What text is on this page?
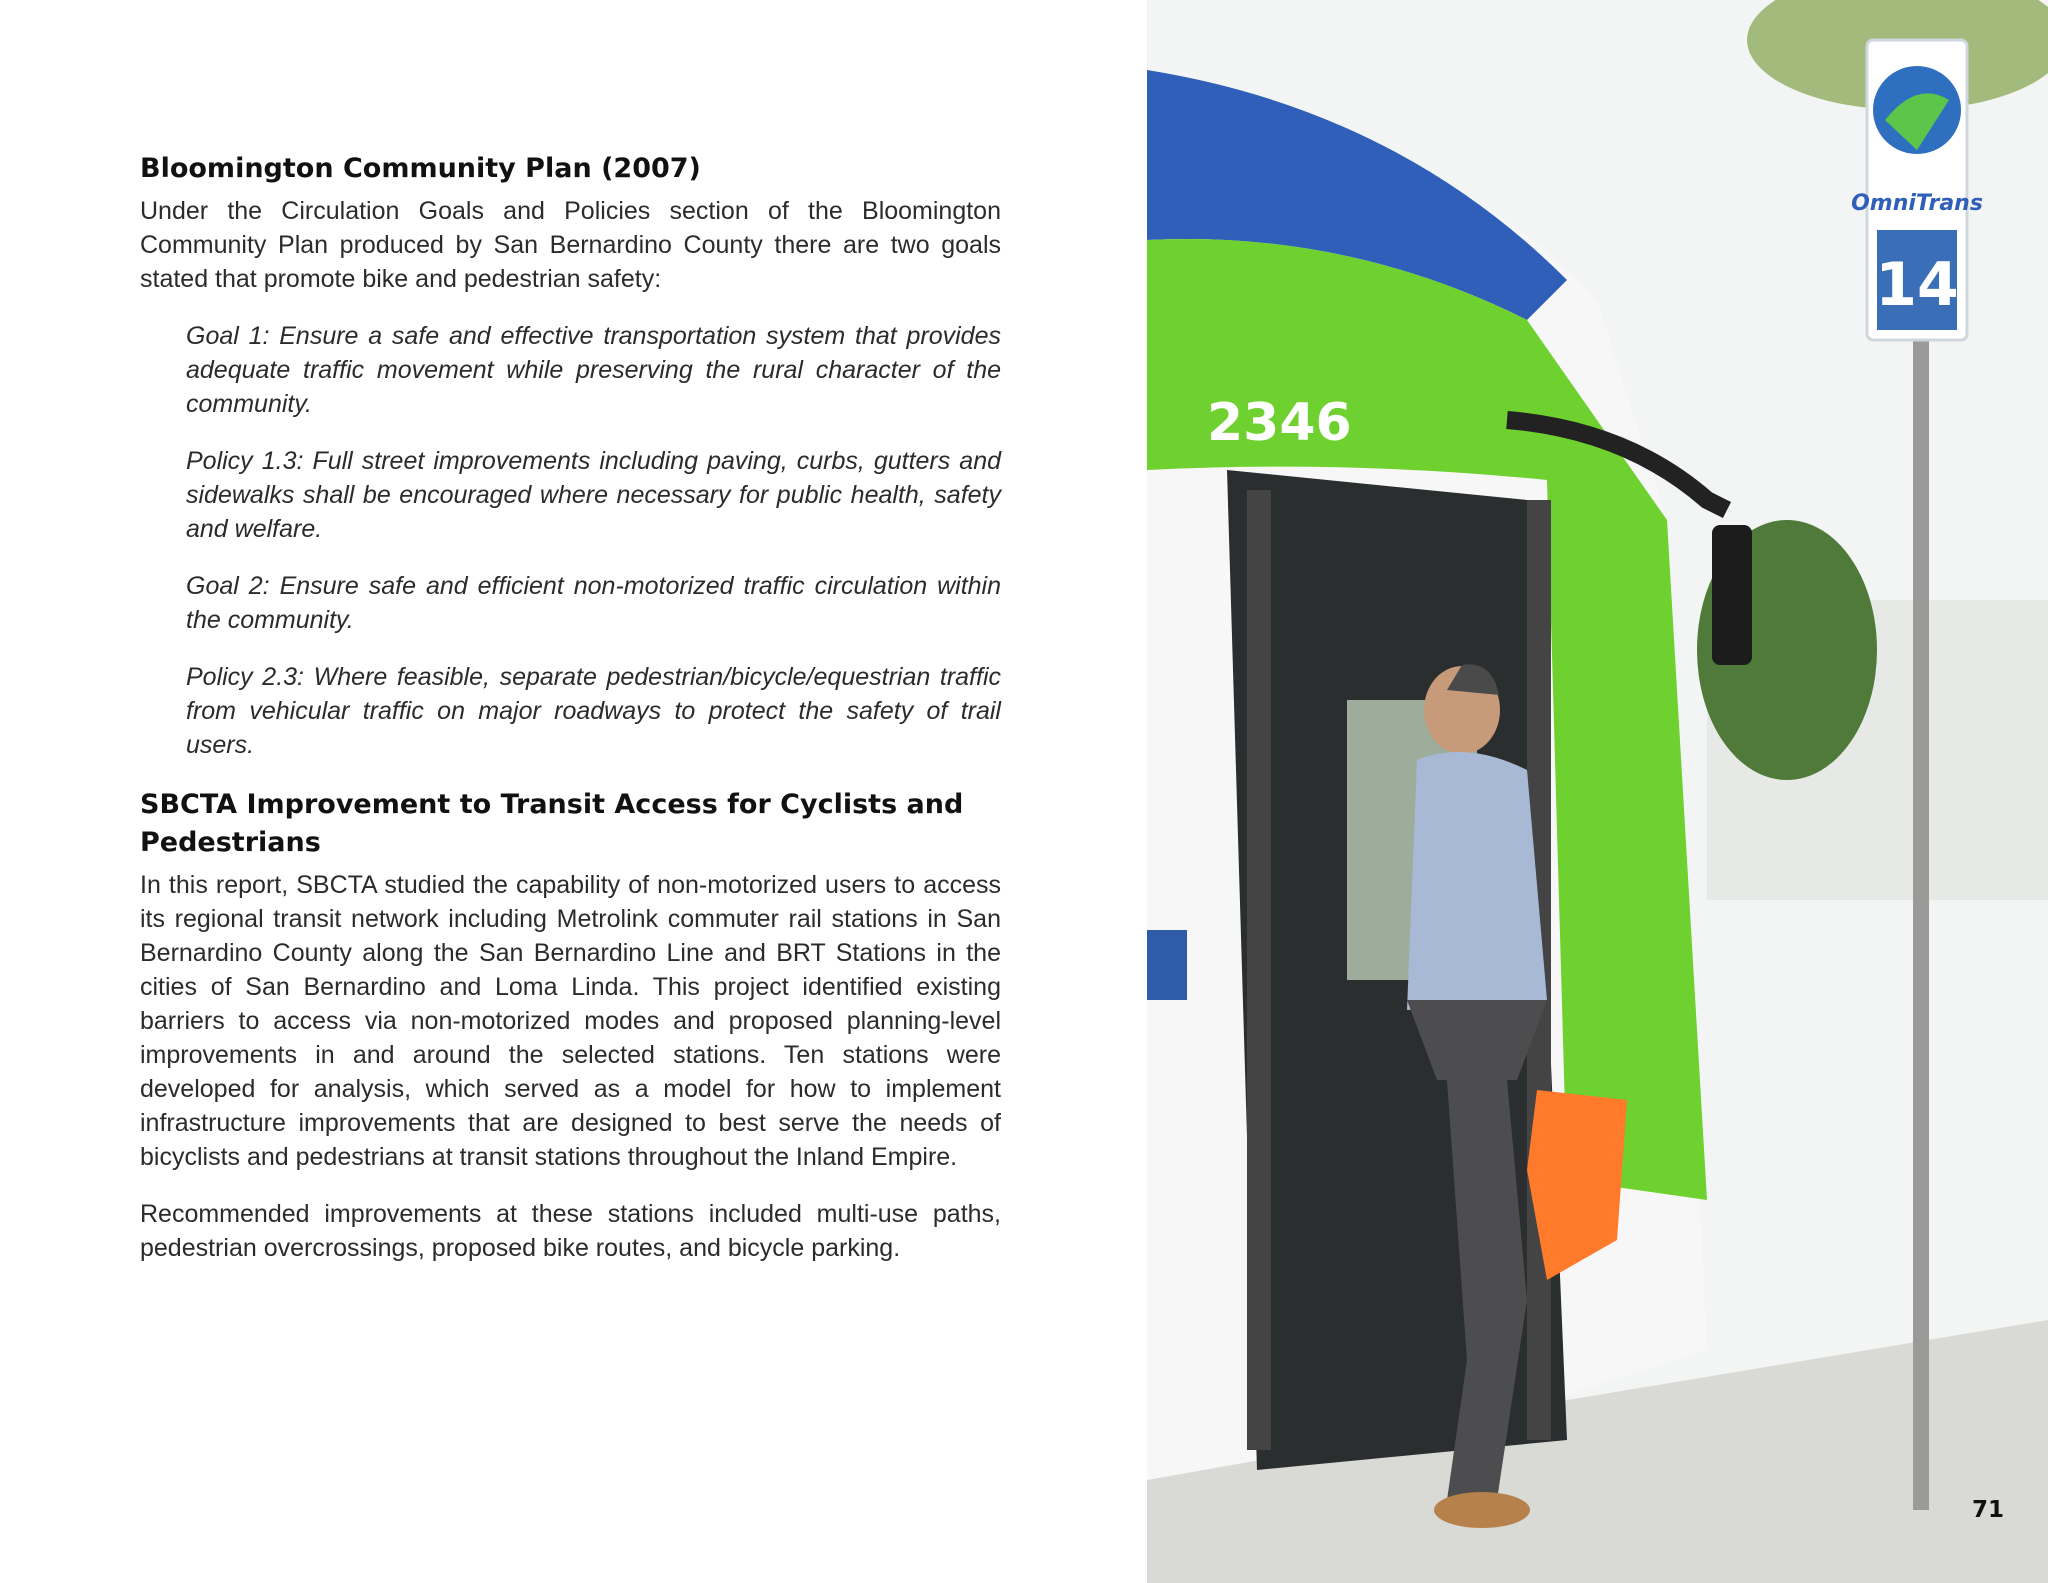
Bloomington Community Plan (2007)

Under the Circulation Goals and Policies section of the Bloomington Community Plan produced by San Bernardino County there are two goals stated that promote bike and pedestrian safety:

Goal 1: Ensure a safe and effective transportation system that provides adequate traffic movement while preserving the rural character of the community.

Policy 1.3: Full street improvements including paving, curbs, gutters and sidewalks shall be encouraged where necessary for public health, safety and welfare.

Goal 2: Ensure safe and efficient non-motorized traffic circulation within the community.

Policy 2.3: Where feasible, separate pedestrian/bicycle/equestrian traffic from vehicular traffic on major roadways to protect the safety of trail users.

SBCTA Improvement to Transit Access for Cyclists and Pedestrians

In this report, SBCTA studied the capability of non-motorized users to access its regional transit network including Metrolink commuter rail stations in San Bernardino County along the San Bernardino Line and BRT Stations in the cities of San Bernardino and Loma Linda. This project identified existing barriers to access via non-motorized modes and proposed planning-level improvements in and around the selected stations. Ten stations were developed for analysis, which served as a model for how to implement infrastructure improvements that are designed to best serve the needs of bicyclists and pedestrians at transit stations throughout the Inland Empire.

Recommended improvements at these stations included multi-use paths, pedestrian overcrossings, proposed bike routes, and bicycle parking.

2346
OmniTrans
14
71
